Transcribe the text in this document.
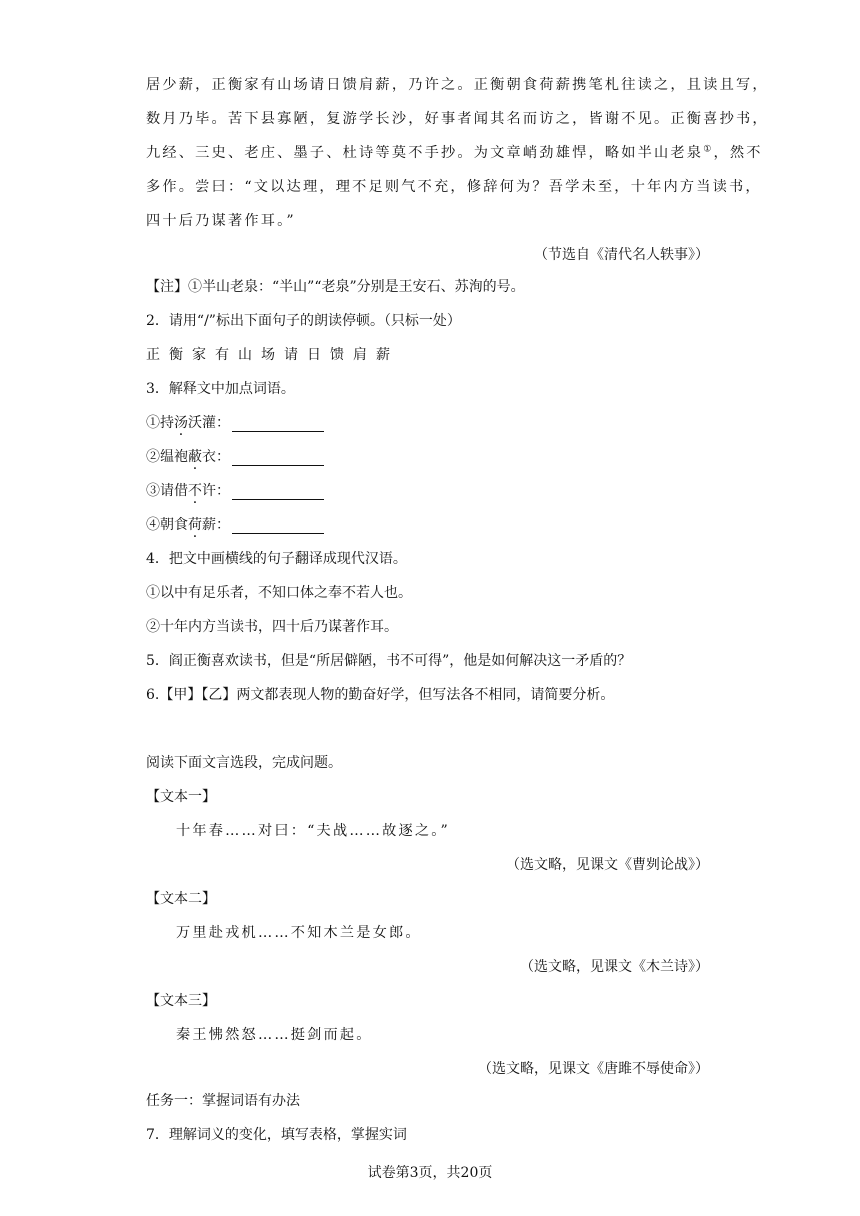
居少薪，正衡家有山场请日馈肩薪，乃许之。正衡朝食荷薪携笔札往读之，且读且写，
数月乃毕。苦下县寡陋，复游学长沙，好事者闻其名而访之，皆谢不见。正衡喜抄书，
九经、三史、老庄、墨子、杜诗等莫不手抄。为文章峭劲雄悍，略如半山老泉①，然不
多作。尝曰：“文以达理，理不足则气不充，修辞何为？吾学未至，十年内方当读书，
四十后乃谋著作耳。”
（节选自《清代名人轶事》）
【注】①半山老泉：“半山”“老泉”分别是王安石、苏洵的号。
2．请用“/”标出下面句子的朗读停顿。（只标一处）
正衡家有山场请日馈肩薪
3．解释文中加点词语。
①持汤沃灌：
②缊袍蔽衣：
③请借不许：
④朝食荷薪：
4．把文中画横线的句子翻译成现代汉语。
①以中有足乐者，不知口体之奉不若人也。
②十年内方当读书，四十后乃谋著作耳。
5．阎正衡喜欢读书，但是“所居僻陋，书不可得”，他是如何解决这一矛盾的？
6.【甲】【乙】两文都表现人物的勤奋好学，但写法各不相同，请简要分析。
阅读下面文言选段，完成问题。
【文本一】
十年春……对曰：“夫战……故逐之。”
（选文略，见课文《曹刿论战》）
【文本二】
万里赴戎机……不知木兰是女郎。
（选文略，见课文《木兰诗》）
【文本三】
秦王怫然怒……挺剑而起。
（选文略，见课文《唐雎不辱使命》）
任务一：掌握词语有办法
7．理解词义的变化，填写表格，掌握实词
试卷第3页，共20页
